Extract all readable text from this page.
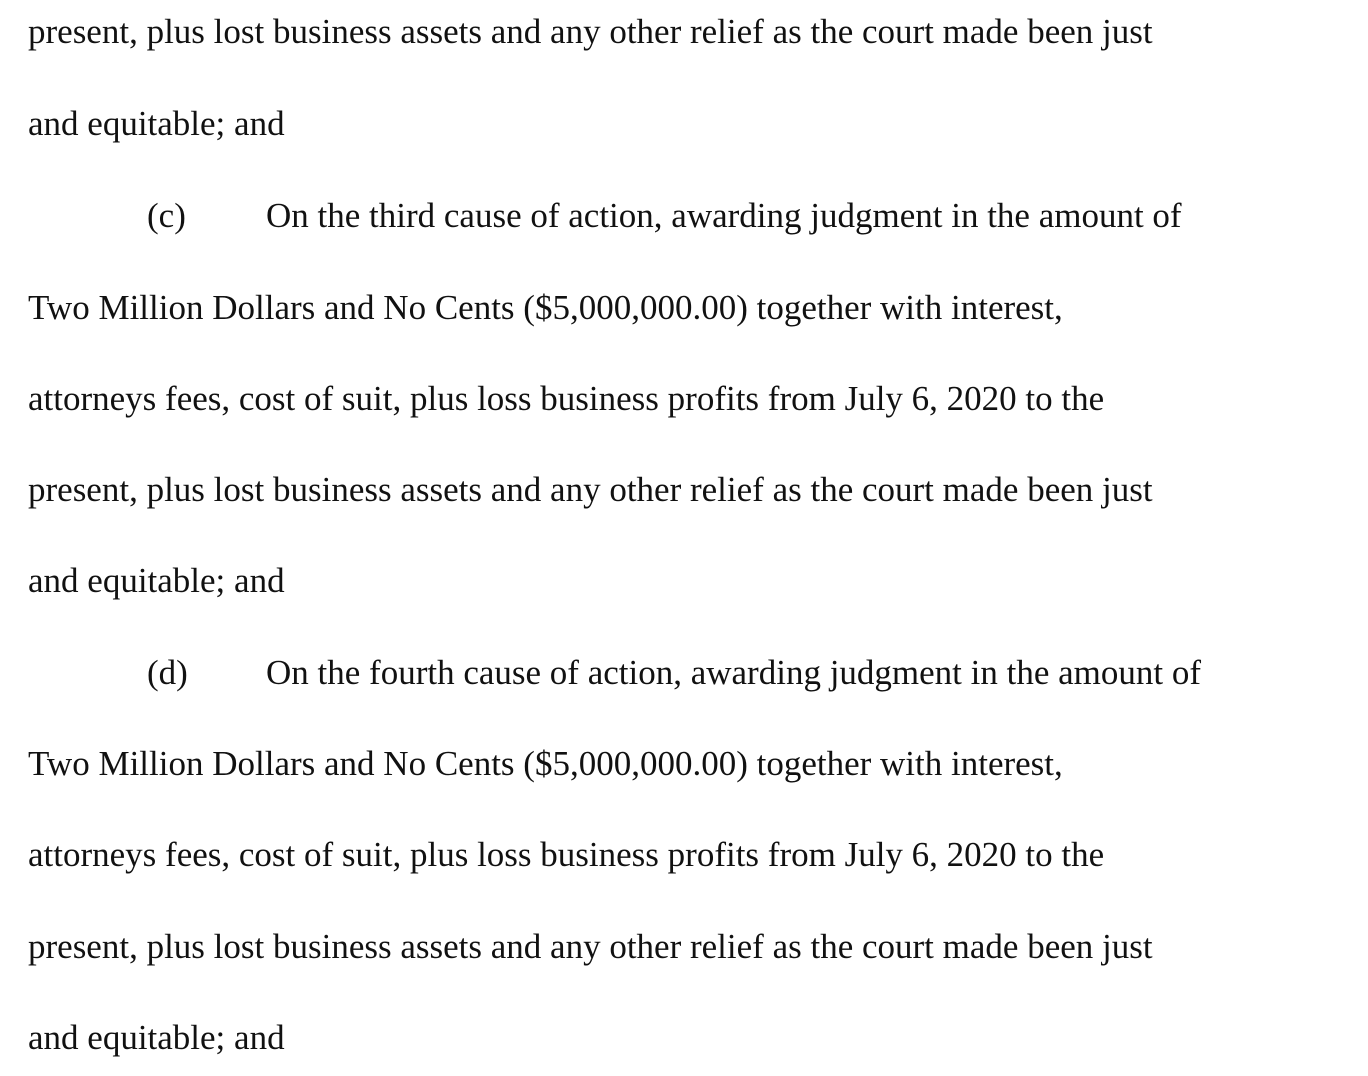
present, plus lost business assets and any other relief as the court made been just
and equitable; and
(c) On the third cause of action, awarding judgment in the amount of
Two Million Dollars and No Cents ($5,000,000.00) together with interest,
attorneys fees, cost of suit, plus loss business profits from July 6, 2020 to the
present, plus lost business assets and any other relief as the court made been just
and equitable; and
(d) On the fourth cause of action, awarding judgment in the amount of
Two Million Dollars and No Cents ($5,000,000.00) together with interest,
attorneys fees, cost of suit, plus loss business profits from July 6, 2020 to the
present, plus lost business assets and any other relief as the court made been just
and equitable; and
